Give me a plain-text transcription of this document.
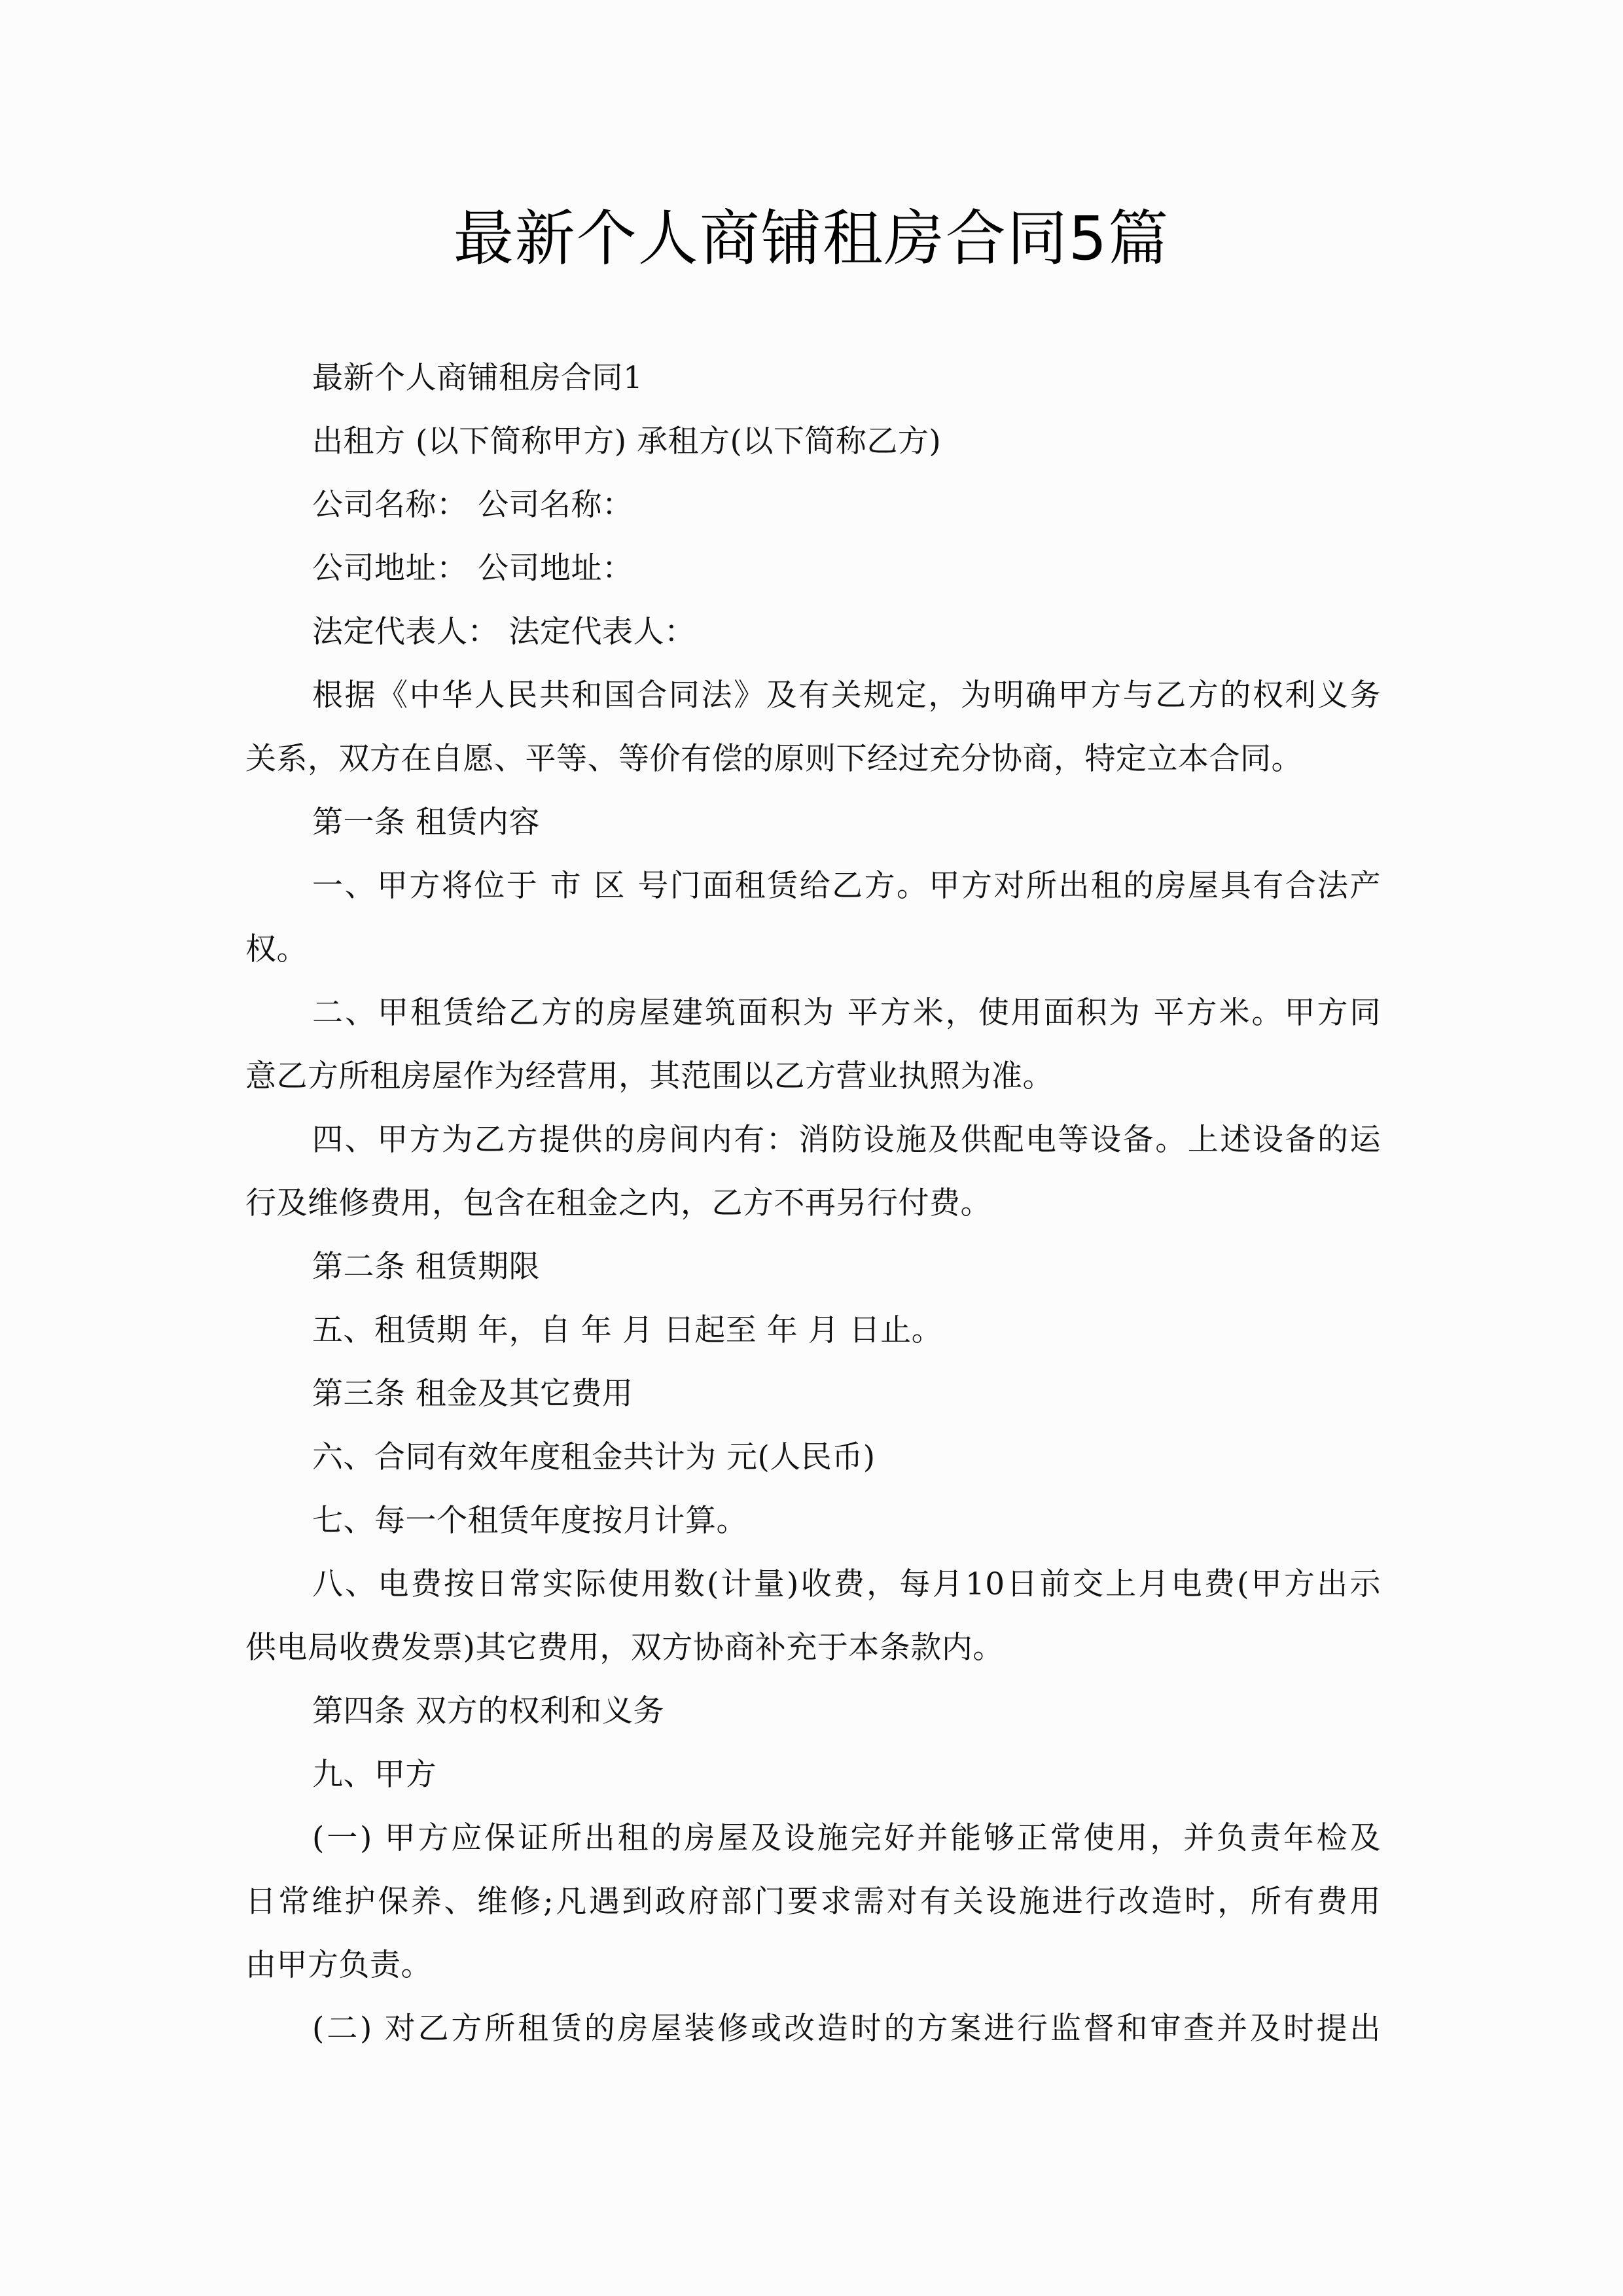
最新个人商铺租房合同5篇
最新个人商铺租房合同1
出租方 (以下简称甲方) 承租方(以下简称乙方)
公司名称： 公司名称：
公司地址： 公司地址：
法定代表人： 法定代表人：
根据《中华人民共和国合同法》及有关规定，为明确甲方与乙方的权利义务
关系，双方在自愿、平等、等价有偿的原则下经过充分协商，特定立本合同。
第一条 租赁内容
一、甲方将位于 市 区 号门面租赁给乙方。甲方对所出租的房屋具有合法产
权。
二、甲租赁给乙方的房屋建筑面积为 平方米，使用面积为 平方米。甲方同
意乙方所租房屋作为经营用，其范围以乙方营业执照为准。
四、甲方为乙方提供的房间内有：消防设施及供配电等设备。上述设备的运
行及维修费用，包含在租金之内，乙方不再另行付费。
第二条 租赁期限
五、租赁期 年，自 年 月 日起至 年 月 日止。
第三条 租金及其它费用
六、合同有效年度租金共计为 元(人民币)
七、每一个租赁年度按月计算。
八、电费按日常实际使用数(计量)收费，每月10日前交上月电费(甲方出示
供电局收费发票)其它费用，双方协商补充于本条款内。
第四条 双方的权利和义务
九、甲方
(一) 甲方应保证所出租的房屋及设施完好并能够正常使用，并负责年检及
日常维护保养、维修;凡遇到政府部门要求需对有关设施进行改造时，所有费用
由甲方负责。
(二) 对乙方所租赁的房屋装修或改造时的方案进行监督和审查并及时提出
